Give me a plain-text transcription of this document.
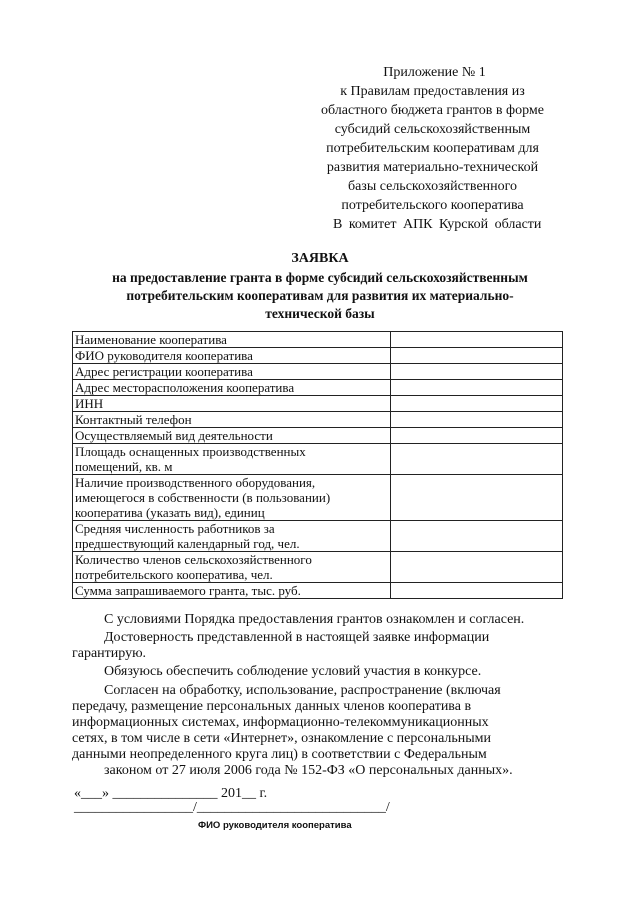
Приложение № 1
к Правилам предоставления из
областного бюджета грантов в форме
субсидий сельскохозяйственным
потребительским кооперативам для
развития материально-технической
базы сельскохозяйственного
потребительского кооператива
В комитет АПК Курской области
ЗАЯВКА
на предоставление гранта в форме субсидий сельскохозяйственным
потребительским кооперативам для развития их материально-
технической базы
Наименование кооператива	

ФИО руководителя кооператива	

Адрес регистрации кооператива	

Адрес месторасположения кооператива	

ИНН	

Контактный телефон	

Осуществляемый вид деятельности	

Площадь оснащенных производственных
помещений, кв. м	

Наличие производственного оборудования,
имеющегося в собственности (в пользовании)
кооператива (указать вид), единиц	

Средняя численность работников за
предшествующий календарный год, чел.	

Количество членов сельскохозяйственного
потребительского кооператива, чел.	

Сумма запрашиваемого гранта, тыс. руб.	

С условиями Порядка предоставления грантов ознакомлен и согласен.
Достоверность представленной в настоящей заявке информации
гарантирую.
Обязуюсь обеспечить соблюдение условий участия в конкурсе.
Согласен на обработку, использование, распространение (включая
передачу, размещение персональных данных членов кооператива в
информационных системах, информационно-телекоммуникационных
сетях, в том числе в сети «Интернет», ознакомление с персональными
данными неопределенного круга лиц) в соответствии с Федеральным
законом от 27 июля 2006 года № 152-ФЗ «О персональных данных».
«___» _______________ 201__ г.
_________________/___________________________/
ФИО руководителя кооператива
